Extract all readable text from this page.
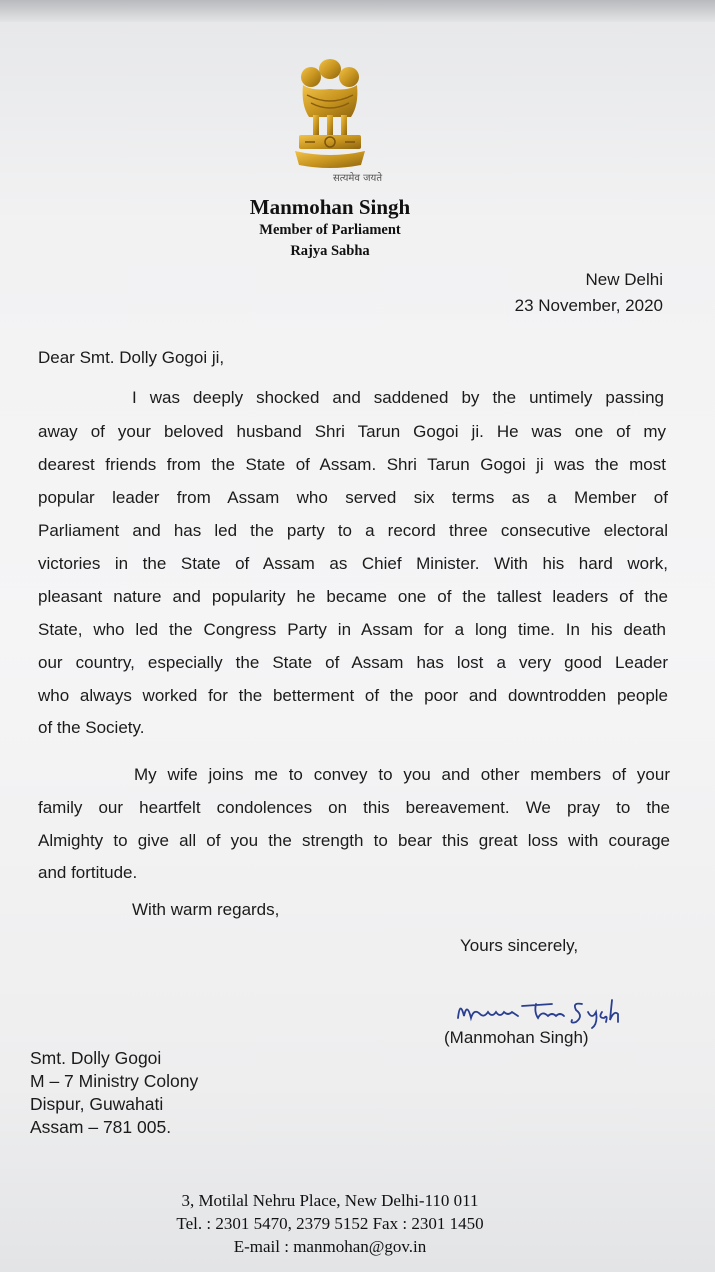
सत्यमेव जयते
Manmohan Singh
Member of Parliament
Rajya Sabha
New Delhi
23 November, 2020
Dear Smt. Dolly Gogoi ji,
I was deeply shocked and saddened by the untimely passing
away of your beloved husband Shri Tarun Gogoi ji. He was one of my
dearest friends from the State of Assam. Shri Tarun Gogoi ji was the most
popular leader from Assam who served six terms as a Member of
Parliament and has led the party to a record three consecutive electoral
victories in the State of Assam as Chief Minister. With his hard work,
pleasant nature and popularity he became one of the tallest leaders of the
State, who led the Congress Party in Assam for a long time. In his death
our country, especially the State of Assam has lost a very good Leader
who always worked for the betterment of the poor and downtrodden people
of the Society.
My wife joins me to convey to you and other members of your
family our heartfelt condolences on this bereavement. We pray to the
Almighty to give all of you the strength to bear this great loss with courage
and fortitude.
With warm regards,
Yours sincerely,
(Manmohan Singh)
Smt. Dolly Gogoi
M – 7 Ministry Colony
Dispur, Guwahati
Assam – 781 005.
3, Motilal Nehru Place, New Delhi-110 011
Tel. : 2301 5470, 2379 5152 Fax : 2301 1450
E-mail : manmohan@gov.in
